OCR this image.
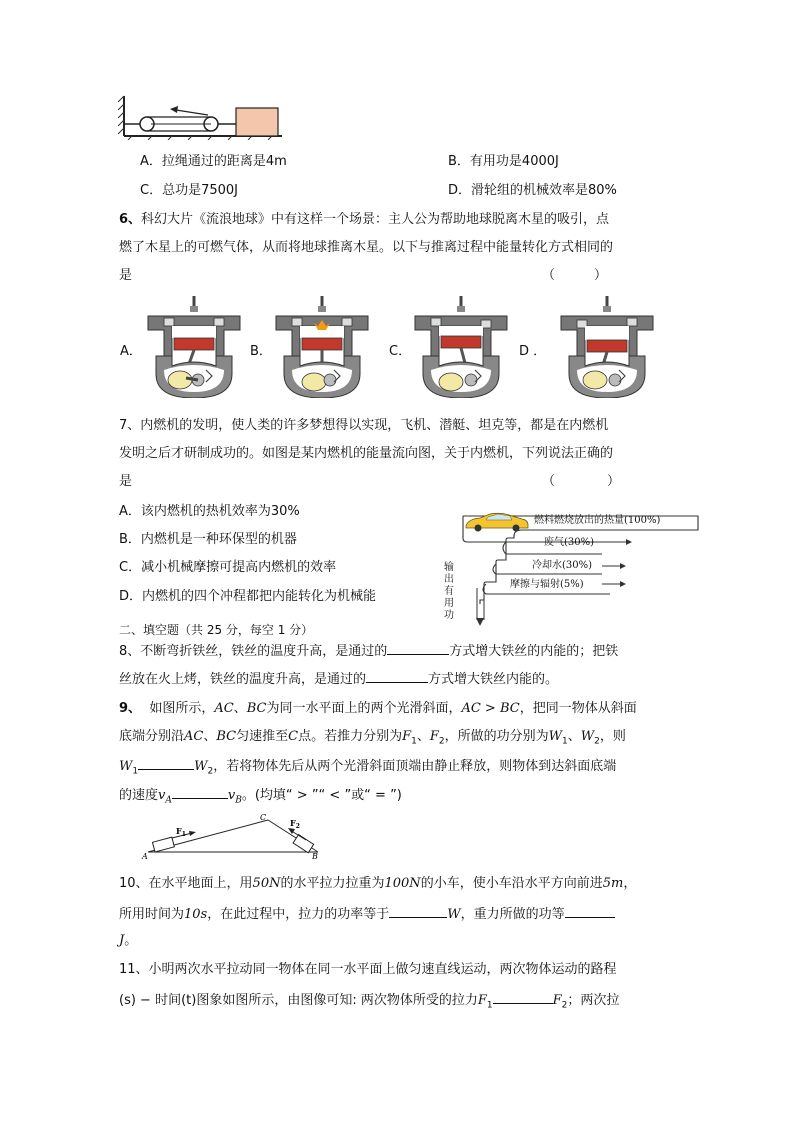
A．拉绳通过的距离是4m	B．有用功是4000J
C．总功是7500J	D．滑轮组的机械效率是80%
6、科幻大片《流浪地球》中有这样一个场景：主人公为帮助地球脱离木星的吸引，点
燃了木星上的可燃气体，从而将地球推离木星。以下与推离过程中能量转化方式相同的
是	（　　　）
A．	B．	C．	D ．
7、内燃机的发明，使人类的许多梦想得以实现，飞机、潜艇、坦克等，都是在内燃机
发明之后才研制成功的。如图是某内燃机的能量流向图，关于内燃机，下列说法正确的
是	（　　　　）
A．该内燃机的热机效率为30%
B．内燃机是一种环保型的机器
C．减小机械摩擦可提高内燃机的效率
D．内燃机的四个冲程都把内能转化为机械能
燃料燃烧放出的热量(100%)
废气(30%)
冷却水(30%)
摩擦与辐射(5%)
输出有用功
二、填空题（共 25 分，每空 1 分）
8、不断弯折铁丝，铁丝的温度升高，是通过的	方式增大铁丝的内能的；把铁
丝放在火上烤，铁丝的温度升高，是通过的	方式增大铁丝内能的。
9、 如图所示，AC、BC为同一水平面上的两个光滑斜面，AC > BC，把同一物体从斜面
底端分别沿AC、BC匀速推至C点。若推力分别为$F_1$、$F_2$，所做的功分别为$W_1$、$W_2$，则
$W_1$	$W_2$，若将物体先后从两个光滑斜面顶端由静止释放，则物体到达斜面底端
的速度$v_A$	$v_B$。(均填“ > ”“ < ”或“ = ”)
A	B
C
$F_1$
$F_2$
10、在水平地面上，用50N的水平拉力拉重为100N的小车，使小车沿水平方向前进5m，
所用时间为10s，在此过程中，拉力的功率等于	W，重力所做的功等
J。
11、小明两次水平拉动同一物体在同一水平面上做匀速直线运动，两次物体运动的路程
(s) − 时间(t)图象如图所示，由图像可知: 两次物体所受的拉力$F_1$	$F_2$；两次拉
